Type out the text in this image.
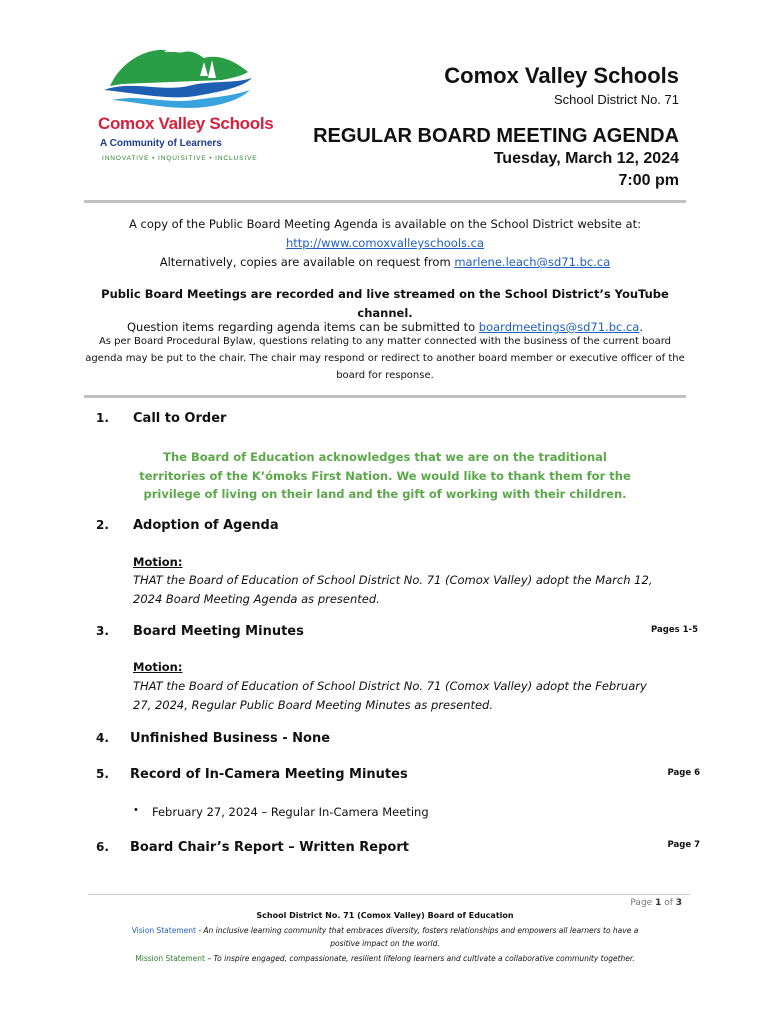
Comox Valley Schools
A Community of Learners
INNOVATIVE • INQUISITIVE • INCLUSIVE
Comox Valley Schools
School District No. 71
REGULAR BOARD MEETING AGENDA
Tuesday, March 12, 2024
7:00 pm
A copy of the Public Board Meeting Agenda is available on the School District website at:
http://www.comoxvalleyschools.ca
Alternatively, copies are available on request from marlene.leach@sd71.bc.ca
Public Board Meetings are recorded and live streamed on the School District’s YouTube channel.
Question items regarding agenda items can be submitted to boardmeetings@sd71.bc.ca.
As per Board Procedural Bylaw, questions relating to any matter connected with the business of the current board agenda may be put to the chair. The chair may respond or redirect to another board member or executive officer of the board for response.
1. Call to Order
The Board of Education acknowledges that we are on the traditional territories of the K’ómoks First Nation. We would like to thank them for the privilege of living on their land and the gift of working with their children.
2. Adoption of Agenda
Motion:
THAT the Board of Education of School District No. 71 (Comox Valley) adopt the March 12, 2024 Board Meeting Agenda as presented.
3. Board Meeting Minutes	Pages 1-5
Motion:
THAT the Board of Education of School District No. 71 (Comox Valley) adopt the February 27, 2024, Regular Public Board Meeting Minutes as presented.
4. Unfinished Business - None
5. Record of In-Camera Meeting Minutes	Page 6
• February 27, 2024 – Regular In-Camera Meeting
6. Board Chair’s Report – Written Report	Page 7
Page 1 of 3
School District No. 71 (Comox Valley) Board of Education
Vision Statement - An inclusive learning community that embraces diversity, fosters relationships and empowers all learners to have a positive impact on the world.
Mission Statement – To inspire engaged, compassionate, resilient lifelong learners and cultivate a collaborative community together.
